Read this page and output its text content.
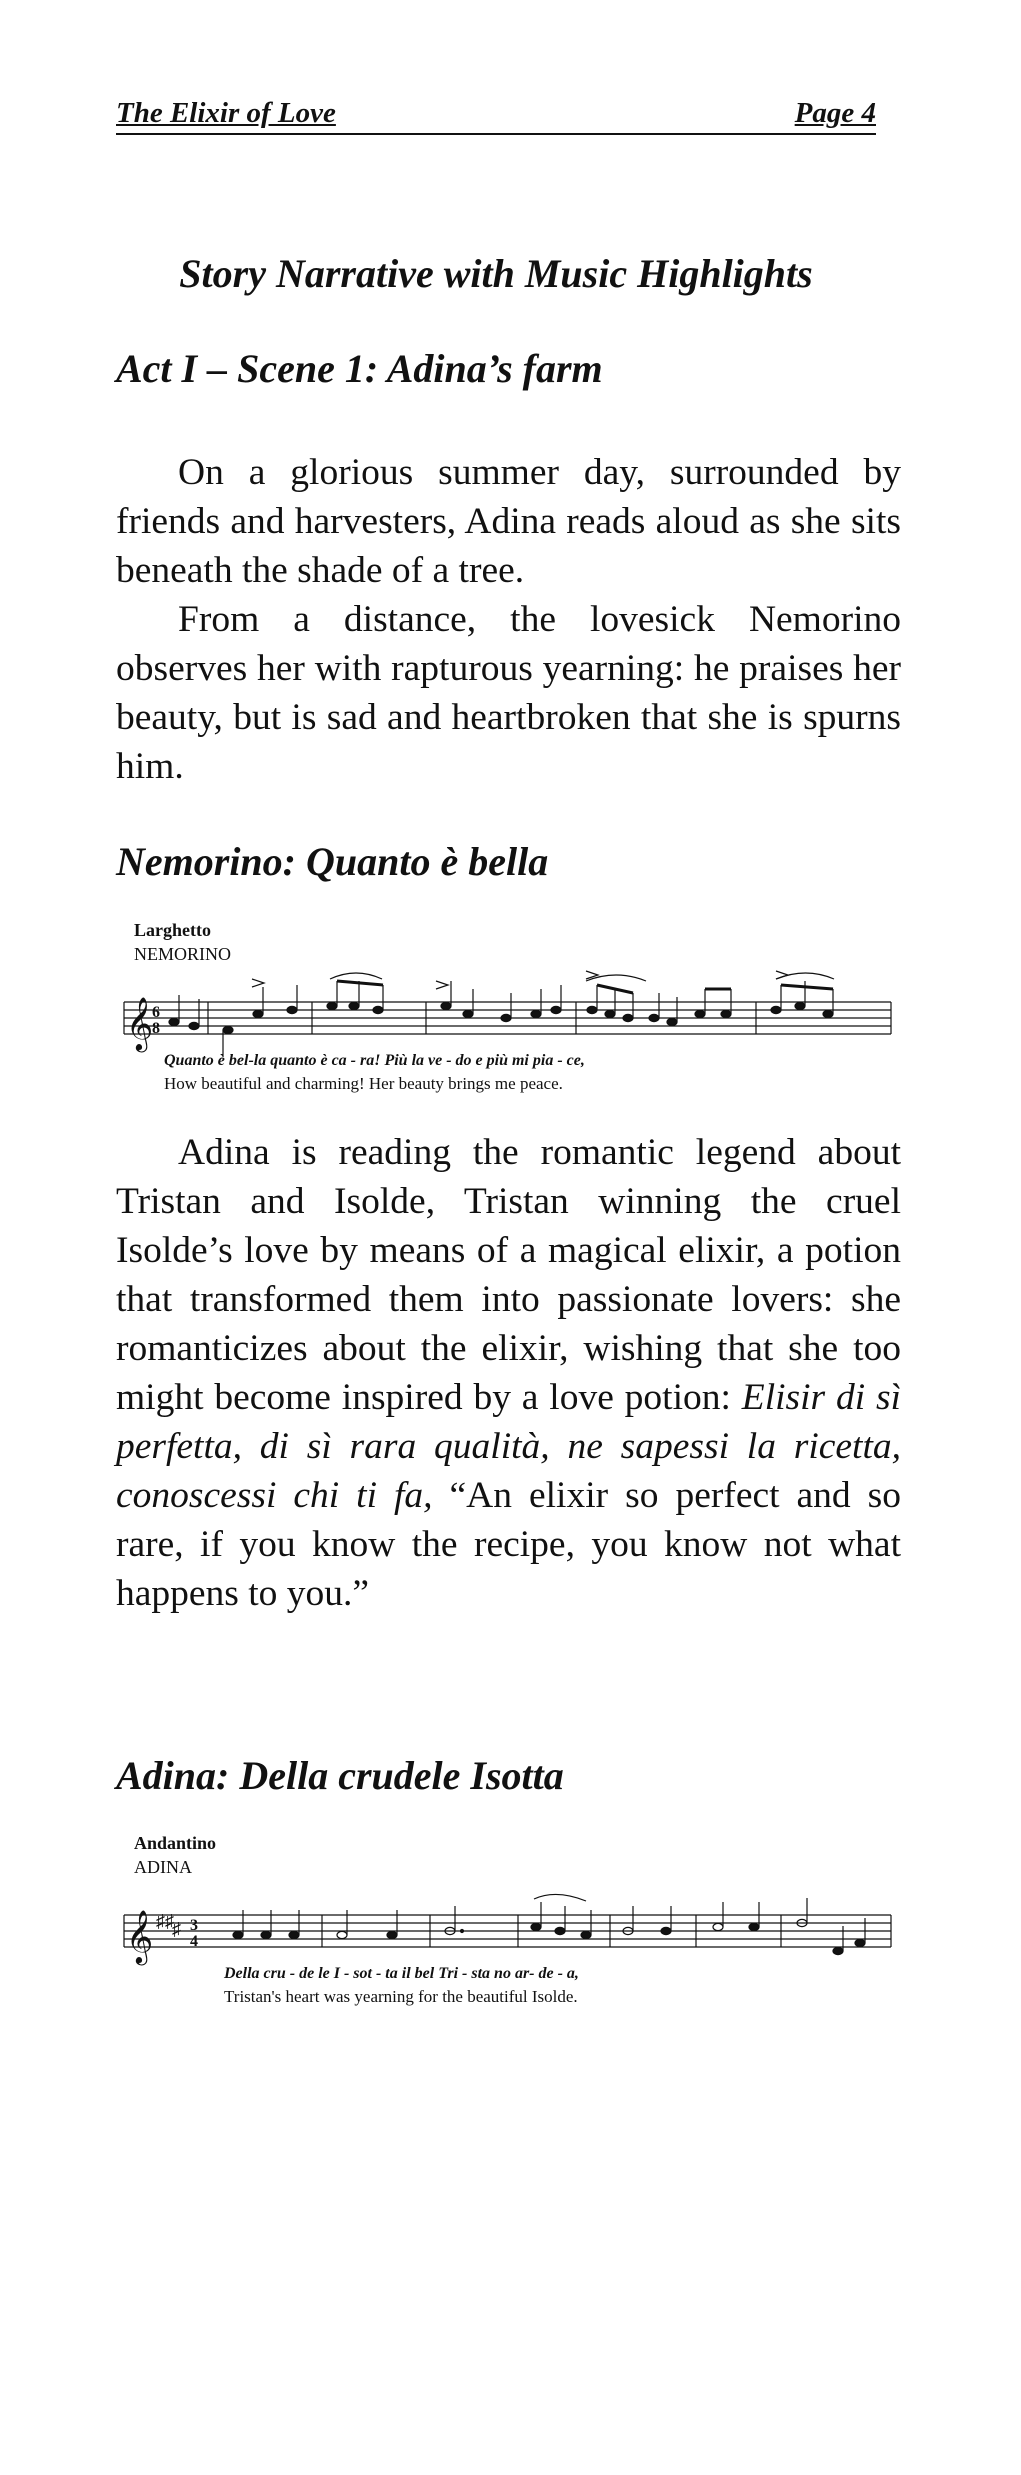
The Elixir of Love	Page 4
Story Narrative with Music Highlights
Act I – Scene 1: Adina’s farm

On a glorious summer day, surrounded by friends and harvesters, Adina reads aloud as she sits beneath the shade of a tree.

From a distance, the lovesick Nemorino observes her with rapturous yearning: he praises her beauty, but is sad and heartbroken that she is spurns him.

Nemorino: Quanto è bella
Larghetto
NEMORINO
𝄞
6
8
Quanto è bel-la quanto è ca - ra! Più la ve - do e più mi pia - ce,
How beautiful and charming! Her beauty brings me peace.

Adina is reading the romantic legend about Tristan and Isolde, Tristan winning the cruel Isolde’s love by means of a magical elixir, a potion that transformed them into passionate lovers: she romanticizes about the elixir, wishing that she too might become inspired by a love potion: Elisir di sì perfetta, di sì rara qualità, ne sapessi la ricetta, conoscessi chi ti fa, “An elixir so perfect and so rare, if you know the recipe, you know not what happens to you.”

Adina: Della crudele Isotta
Andantino
ADINA
𝄞 ♯♯
♯ 3
4
Della cru - de le I - sot - ta il bel Tri - sta no ar- de - a,
Tristan's heart was yearning for the beautiful Isolde.
